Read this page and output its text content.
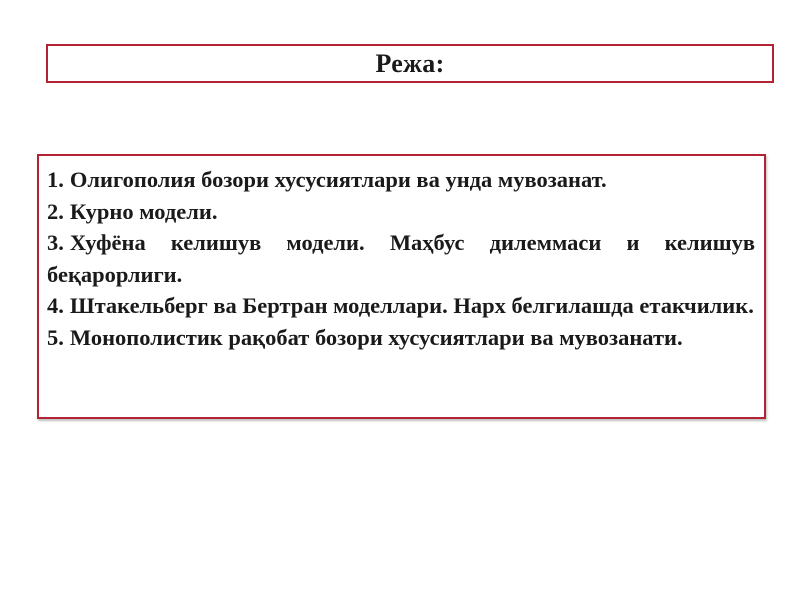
Режа:
1. Олигополия бозори хусусиятлари ва унда мувозанат.
2. Курно модели.
3. Хуфёна келишув модели. Маҳбус дилеммаси и келишув беқарорлиги.
4. Штакельберг ва Бертран моделлари. Нарх белгилашда етакчилик.
5. Монополистик рақобат бозори хусусиятлари ва мувозанати.
